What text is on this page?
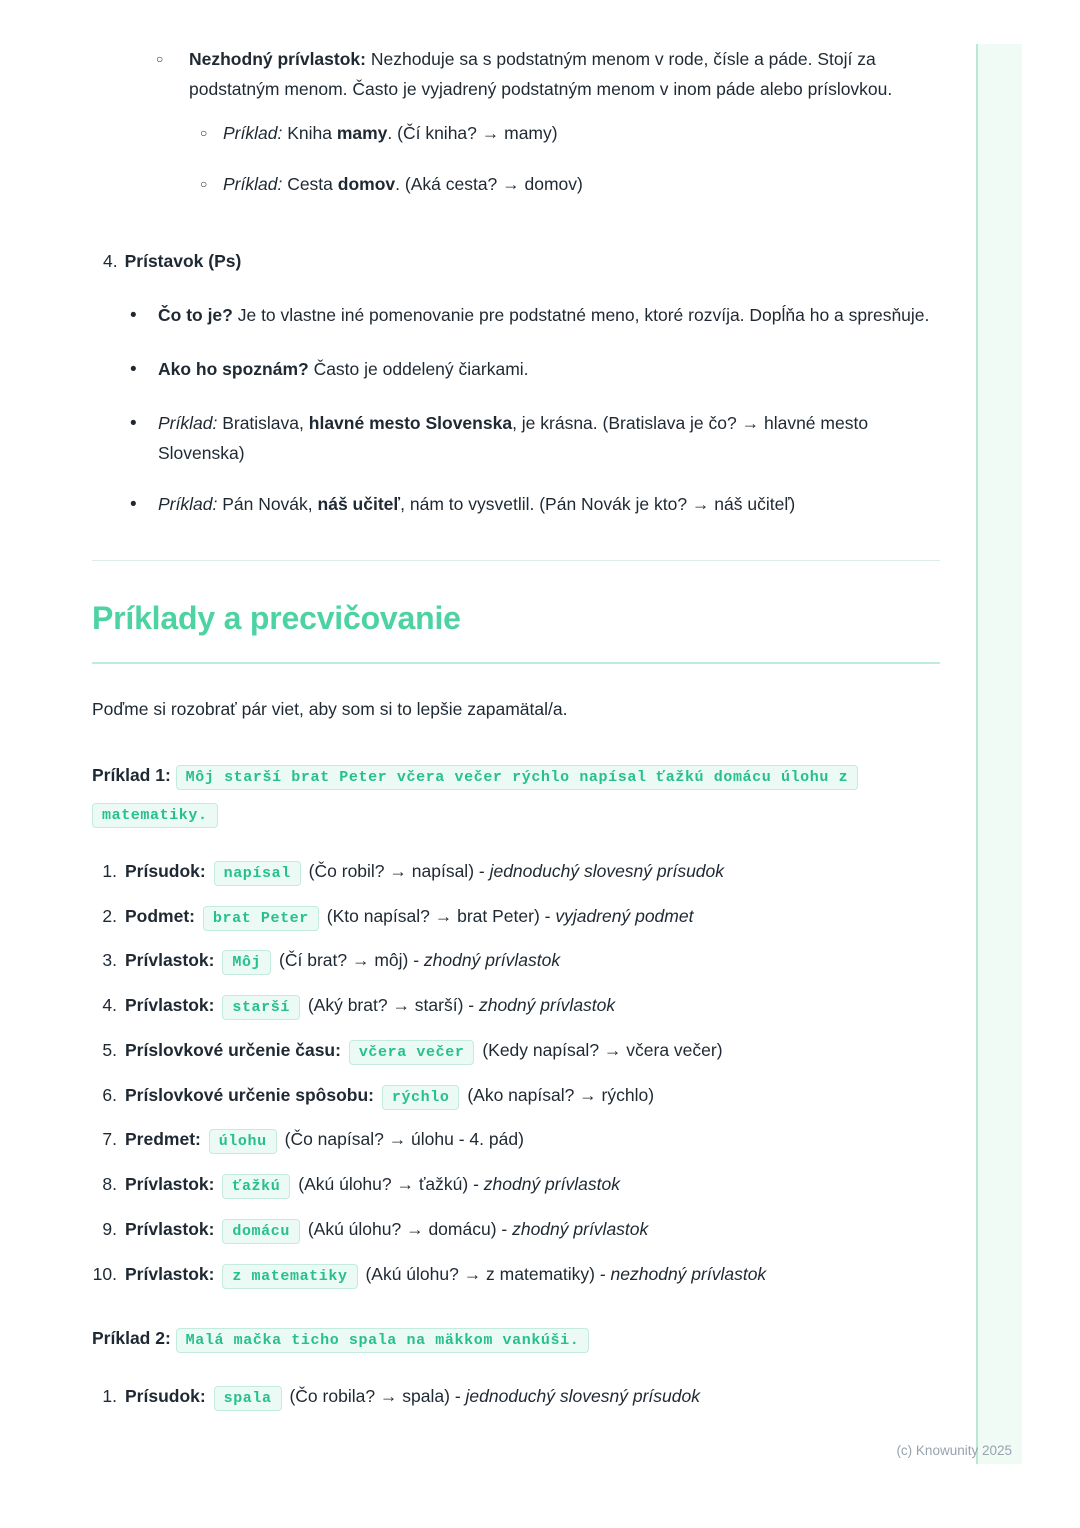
(c) Knowunity 2025
○

Nezhodný prívlastok: Nezhoduje sa s podstatným menom v rode, čísle a páde. Stojí za podstatným menom. Často je vyjadrený podstatným menom v inom páde alebo príslovkou.

○
Príklad: Kniha mamy. (Čí kniha? → mamy)
○
Príklad: Cesta domov. (Aká cesta? → domov)
4. Prístavok (Ps)
•
Čo to je? Je to vlastne iné pomenovanie pre podstatné meno, ktoré rozvíja. Dopĺňa ho a spresňuje.
•
Ako ho spoznám? Často je oddelený čiarkami.
•
Príklad: Bratislava, hlavné mesto Slovenska, je krásna. (Bratislava je čo? → hlavné mesto Slovenska)
•
Príklad: Pán Novák, náš učiteľ, nám to vysvetlil. (Pán Novák je kto? → náš učiteľ)
Príklady a precvičovanie

Poďme si rozobrať pár viet, aby som si to lepšie zapamätal/a.

Príklad 1: Môj starší brat Peter včera večer rýchlo napísal ťažkú domácu úlohu z matematiky.

1. Prísudok: napísal (Čo robil? → napísal) - jednoduchý slovesný prísudok
2. Podmet: brat Peter (Kto napísal? → brat Peter) - vyjadrený podmet
3. Prívlastok: Môj (Čí brat? → môj) - zhodný prívlastok
4. Prívlastok: starší (Aký brat? → starší) - zhodný prívlastok
5. Príslovkové určenie času: včera večer (Kedy napísal? → včera večer)
6. Príslovkové určenie spôsobu: rýchlo (Ako napísal? → rýchlo)
7. Predmet: úlohu (Čo napísal? → úlohu - 4. pád)
8. Prívlastok: ťažkú (Akú úlohu? → ťažkú) - zhodný prívlastok
9. Prívlastok: domácu (Akú úlohu? → domácu) - zhodný prívlastok
10. Prívlastok: z matematiky (Akú úlohu? → z matematiky) - nezhodný prívlastok

Príklad 2: Malá mačka ticho spala na mäkkom vankúši.

1. Prísudok: spala (Čo robila? → spala) - jednoduchý slovesný prísudok
